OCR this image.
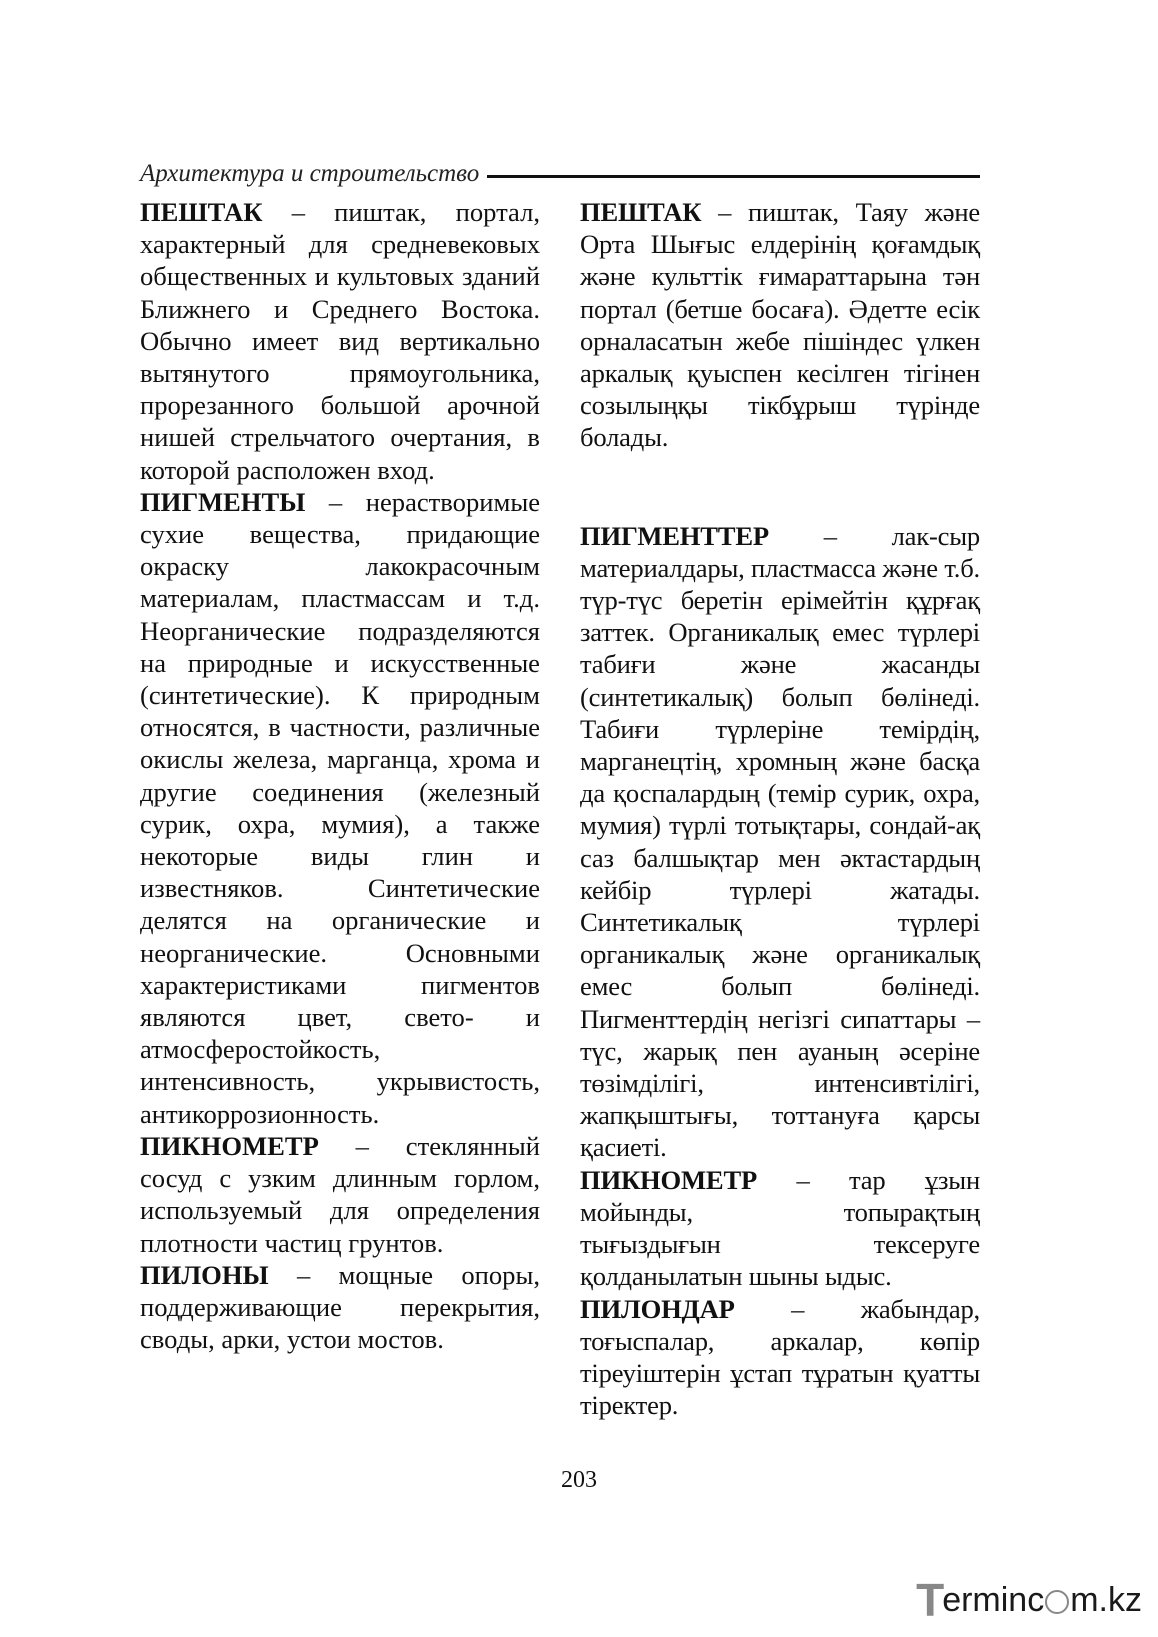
Архитектура и строительство

ПЕШТАК – пиштак, портал, характерный для средневековых общественных и культовых зданий Ближнего и Среднего Востока. Обычно имеет вид вертикально вытянутого прямоугольника, прорезанного большой арочной нишей стрельчатого очертания, в которой расположен вход.

ПИГМЕНТЫ – нерастворимые сухие вещества, придающие окраску лакокрасочным материалам, пластмассам и т.д. Неорганические подразделяются на природные и искусственные (синтетические). К природным относятся, в частности, различные окислы железа, марганца, хрома и другие соединения (железный сурик, охра, мумия), а также некоторые виды глин и известняков. Синтетические делятся на органические и неорганические. Основными характеристиками пигментов являются цвет, свето- и атмосферостойкость, интенсивность, укрывистость, антикоррозионность.

ПИКНОМЕТР – стеклянный сосуд с узким длинным горлом, используемый для определения плотности частиц грунтов.

ПИЛОНЫ – мощные опоры, поддерживающие перекрытия, своды, арки, устои мостов.

ПЕШТАК – пиштак, Таяу және Орта Шығыс елдерінің қоғамдық және культтік ғимараттарына тән портал (бетше босаға). Әдетте есік орналасатын жебе пішіндес үлкен аркалық қуыспен кесілген тігінен созылыңқы тікбұрыш түрінде болады.

ПИГМЕНТТЕР – лак-сыр материалдары, пластмасса және т.б. түр-түс беретін ерімейтін құрғақ заттек. Органикалық емес түрлері табиғи және жасанды (синтетикалық) болып бөлінеді. Табиғи түрлеріне темірдің, марганецтің, хромның және басқа да қоспалардың (темір сурик, охра, мумия) түрлі тотықтары, сондай-ақ саз балшықтар мен әктастардың кейбір түрлері жатады. Синтетикалық түрлері органикалық және органикалық емес болып бөлінеді. Пигменттердің негізгі сипаттары – түс, жарық пен ауаның әсеріне төзімділігі, интенсивтілігі, жапқыштығы, тоттануға қарсы қасиеті.

ПИКНОМЕТР – тар ұзын мойынды, топырақтың тығыздығын тексеруге қолданылатын шыны ыдыс.

ПИЛОНДАР – жабындар, тоғыспалар, аркалар, көпір тіреуіштерін ұстап тұратын қуатты тіректер.

203
T
erminc m.kz
